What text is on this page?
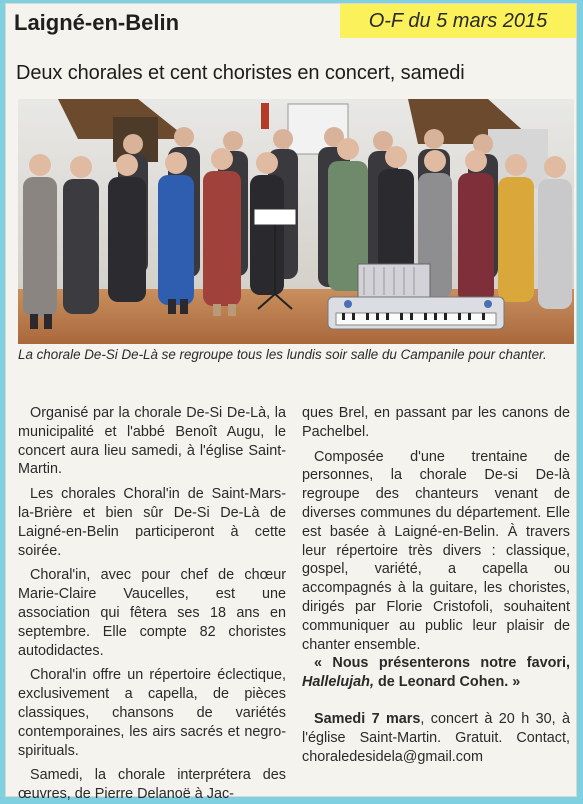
Laigné-en-Belin	O-F du 5 mars 2015
Deux chorales et cent choristes en concert, samedi
La chorale De-Si De-Là se regroupe tous les lundis soir salle du Campanile pour chanter.

Organisé par la chorale De-Si De-Là, la municipalité et l'abbé Benoît Augu, le concert aura lieu samedi, à l'église Saint-Martin.

Les chorales Choral'in de Saint-Mars-la-Brière et bien sûr De-Si De-Là de Laigné-en-Belin participeront à cette soirée.

Choral'in, avec pour chef de chœur Marie-Claire Vaucelles, est une association qui fêtera ses 18 ans en septembre. Elle compte 82 choristes autodidactes.

Choral'in offre un répertoire éclectique, exclusivement a capella, de pièces classiques, chansons de variétés contemporaines, les airs sacrés et negro-spirituals.

Samedi, la chorale interprétera des œuvres, de Pierre Delanoë à Jac-

ques Brel, en passant par les canons de Pachelbel.

Composée d'une trentaine de personnes, la chorale De-si De-là regroupe des chanteurs venant de diverses communes du département. Elle est basée à Laigné-en-Belin. À travers leur répertoire très divers : classique, gospel, variété, a capella ou accompagnés à la guitare, les choristes, dirigés par Florie Cristofoli, souhaitent communiquer au public leur plaisir de chanter ensemble.

« Nous présenterons notre favori, Hallelujah, de Leonard Cohen. »

Samedi 7 mars, concert à 20 h 30, à l'église Saint-Martin. Gratuit. Contact, choraledesidela@gmail.com
